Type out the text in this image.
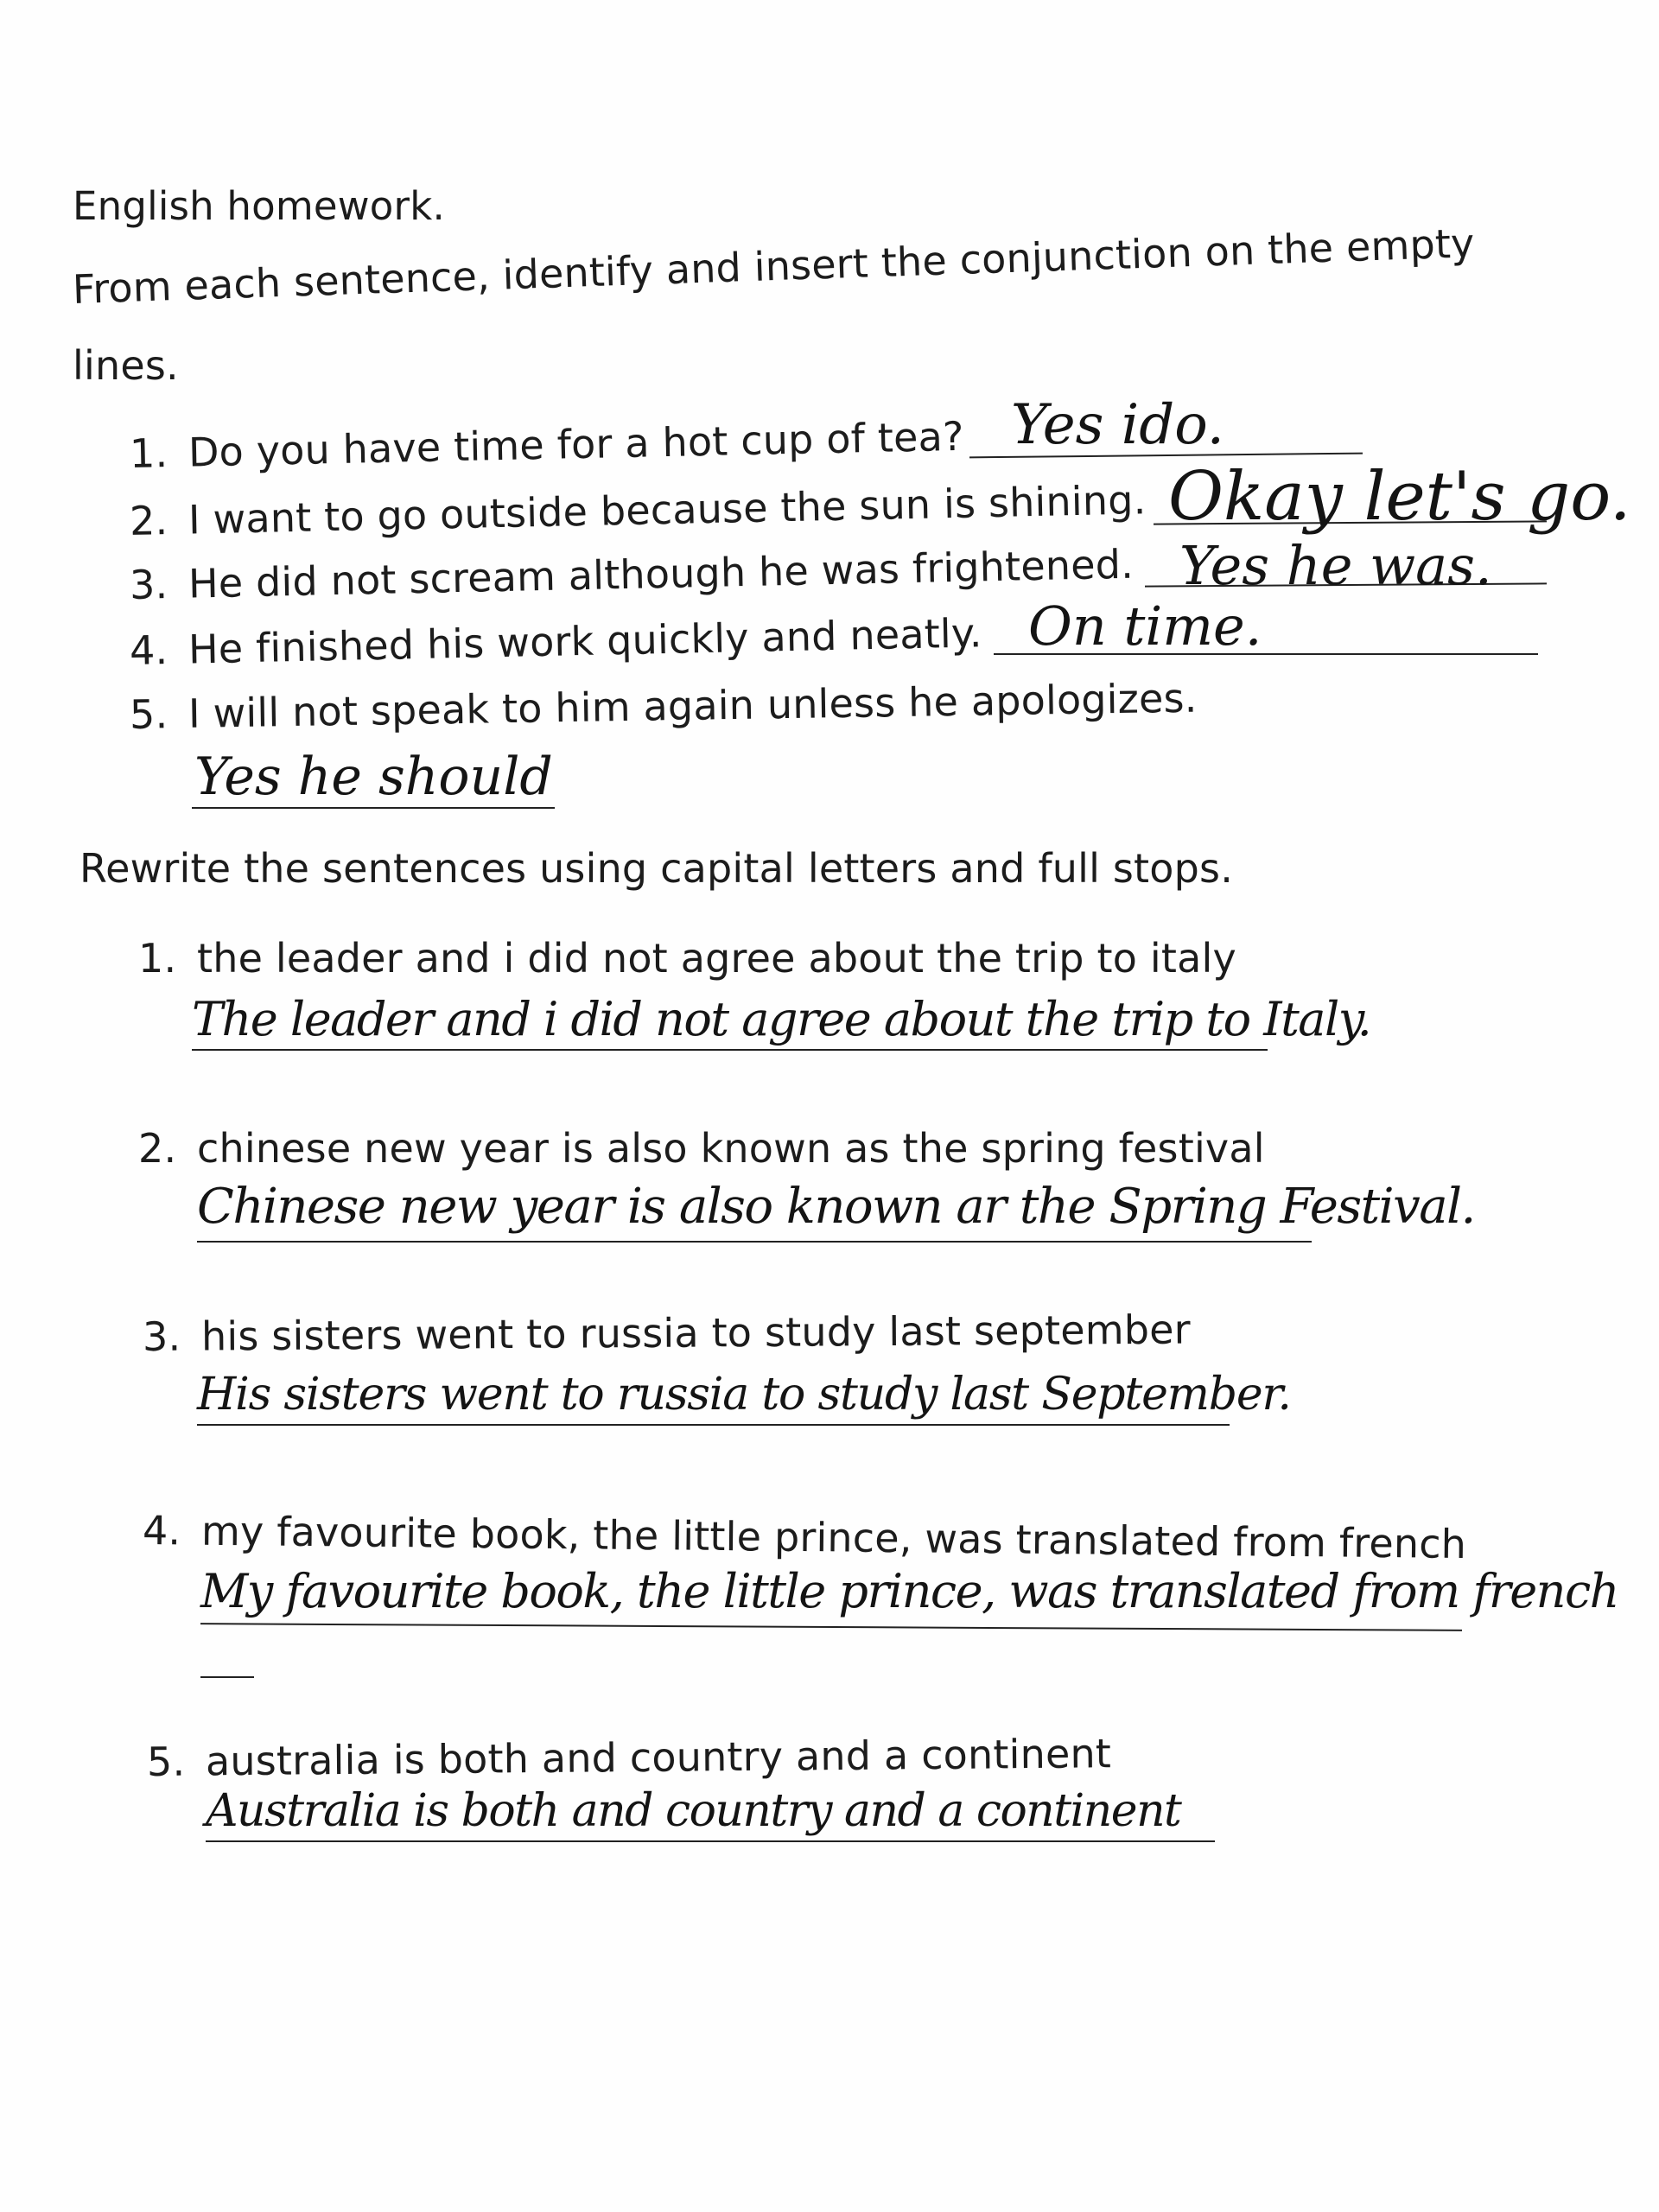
English homework.
From each sentence, identify and insert the conjunction on the empty
lines.
1. Do you have time for a hot cup of tea? Yes ido.
2. I want to go outside because the sun is shining. Okay let's go.
3. He did not scream although he was frightened. Yes he was.
4. He finished his work quickly and neatly. On time.
5. I will not speak to him again unless he apologizes.
Yes he should
Rewrite the sentences using capital letters and full stops.
1. the leader and i did not agree about the trip to italy
The leader and i did not agree about the trip to Italy.
2. chinese new year is also known as the spring festival
Chinese new year is also known ar the Spring Festival.
3. his sisters went to russia to study last september
His sisters went to russia to study last September.
4. my favourite book, the little prince, was translated from french
My favourite book, the little prince, was translated from french
5. australia is both and country and a continent
Australia is both and country and a continent
